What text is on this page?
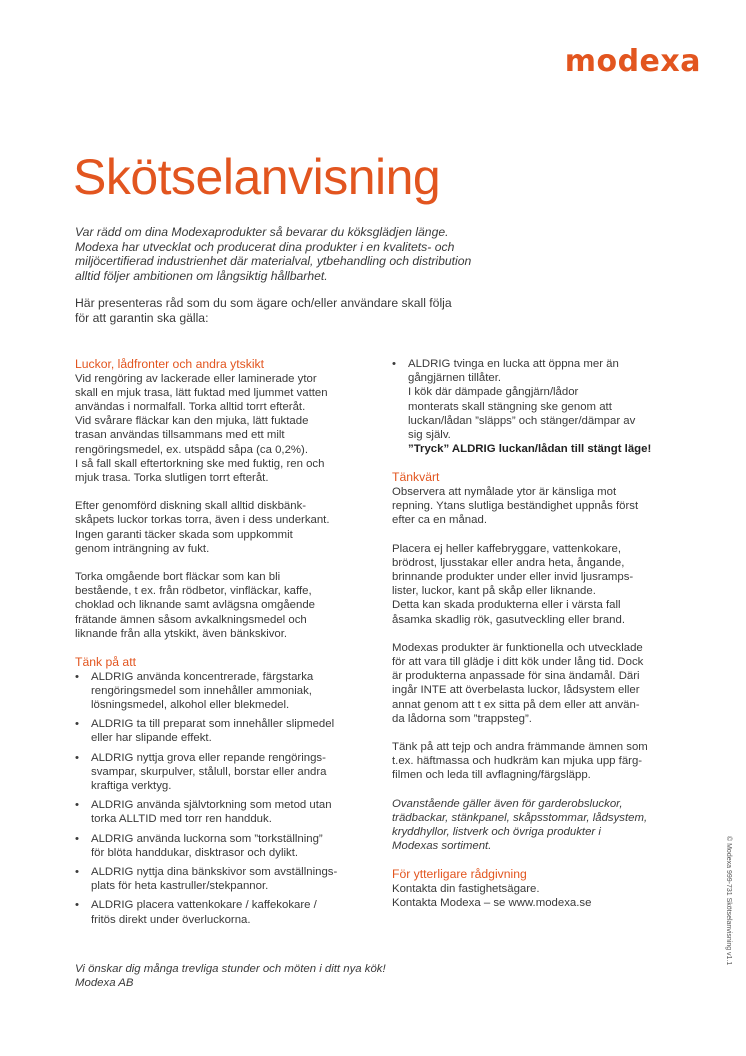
modexa
Skötselanvisning

Var rädd om dina Modexaprodukter så bevarar du köksglädjen länge.
Modexa har utvecklat och producerat dina produkter i en kvalitets- och
miljöcertifierad industrienhet där materialval, ytbehandling och distribution
alltid följer ambitionen om långsiktig hållbarhet.

Här presenteras råd som du som ägare och/eller användare skall följa
för att garantin ska gälla:

Luckor, lådfronter och andra ytskikt

Vid rengöring av lackerade eller laminerade ytor
skall en mjuk trasa, lätt fuktad med ljummet vatten
användas i normalfall. Torka alltid torrt efteråt.
Vid svårare fläckar kan den mjuka, lätt fuktade
trasan användas tillsammans med ett milt
rengöringsmedel, ex. utspädd såpa (ca 0,2%).
I så fall skall eftertorkning ske med fuktig, ren och
mjuk trasa. Torka slutligen torrt efteråt.

Efter genomförd diskning skall alltid diskbänk-
skåpets luckor torkas torra, även i dess underkant.
Ingen garanti täcker skada som uppkommit
genom inträngning av fukt.

Torka omgående bort fläckar som kan bli
bestående, t ex. från rödbetor, vinfläckar, kaffe,
choklad och liknande samt avlägsna omgående
frätande ämnen såsom avkalkningsmedel och
liknande från alla ytskikt, även bänkskivor.

Tänk på att

• ALDRIG använda koncentrerade, färgstarka
rengöringsmedel som innehåller ammoniak,
lösningsmedel, alkohol eller blekmedel.
• ALDRIG ta till preparat som innehåller slipmedel
eller har slipande effekt.
• ALDRIG nyttja grova eller repande rengörings-
svampar, skurpulver, stålull, borstar eller andra
kraftiga verktyg.
• ALDRIG använda självtorkning som metod utan
torka ALLTID med torr ren handduk.
• ALDRIG använda luckorna som ”torkställning”
för blöta handdukar, disktrasor och dylikt.
• ALDRIG nyttja dina bänkskivor som avställnings-
plats för heta kastruller/stekpannor.
• ALDRIG placera vattenkokare / kaffekokare /
fritös direkt under överluckorna.
• ALDRIG tvinga en lucka att öppna mer än
gångjärnen tillåter.
I kök där dämpade gångjärn/lådor
monterats skall stängning ske genom att
luckan/lådan ”släpps” och stänger/dämpar av
sig själv.
”Tryck” ALDRIG luckan/lådan till stängt läge!

Tänkvärt

Observera att nymålade ytor är känsliga mot
repning. Ytans slutliga beständighet uppnås först
efter ca en månad.

Placera ej heller kaffebryggare, vattenkokare,
brödrost, ljusstakar eller andra heta, ångande,
brinnande produkter under eller invid ljusramps-
lister, luckor, kant på skåp eller liknande.
Detta kan skada produkterna eller i värsta fall
åsamka skadlig rök, gasutveckling eller brand.

Modexas produkter är funktionella och utvecklade
för att vara till glädje i ditt kök under lång tid. Dock
är produkterna anpassade för sina ändamål. Däri
ingår INTE att överbelasta luckor, lådsystem eller
annat genom att t ex sitta på dem eller att använ-
da lådorna som ”trappsteg”.

Tänk på att tejp och andra främmande ämnen som
t.ex. häftmassa och hudkräm kan mjuka upp färg-
filmen och leda till avflagning/färgsläpp.

Ovanstående gäller även för garderobsluckor,
trädbackar, stänkpanel, skåpsstommar, lådsystem,
kryddhyllor, listverk och övriga produkter i
Modexas sortiment.

För ytterligare rådgivning

Kontakta din fastighetsägare.
Kontakta Modexa – se www.modexa.se

Vi önskar dig många trevliga stunder och möten i ditt nya kök!
Modexa AB

© Modexa 999-731 Skötselanvisning v1.1
